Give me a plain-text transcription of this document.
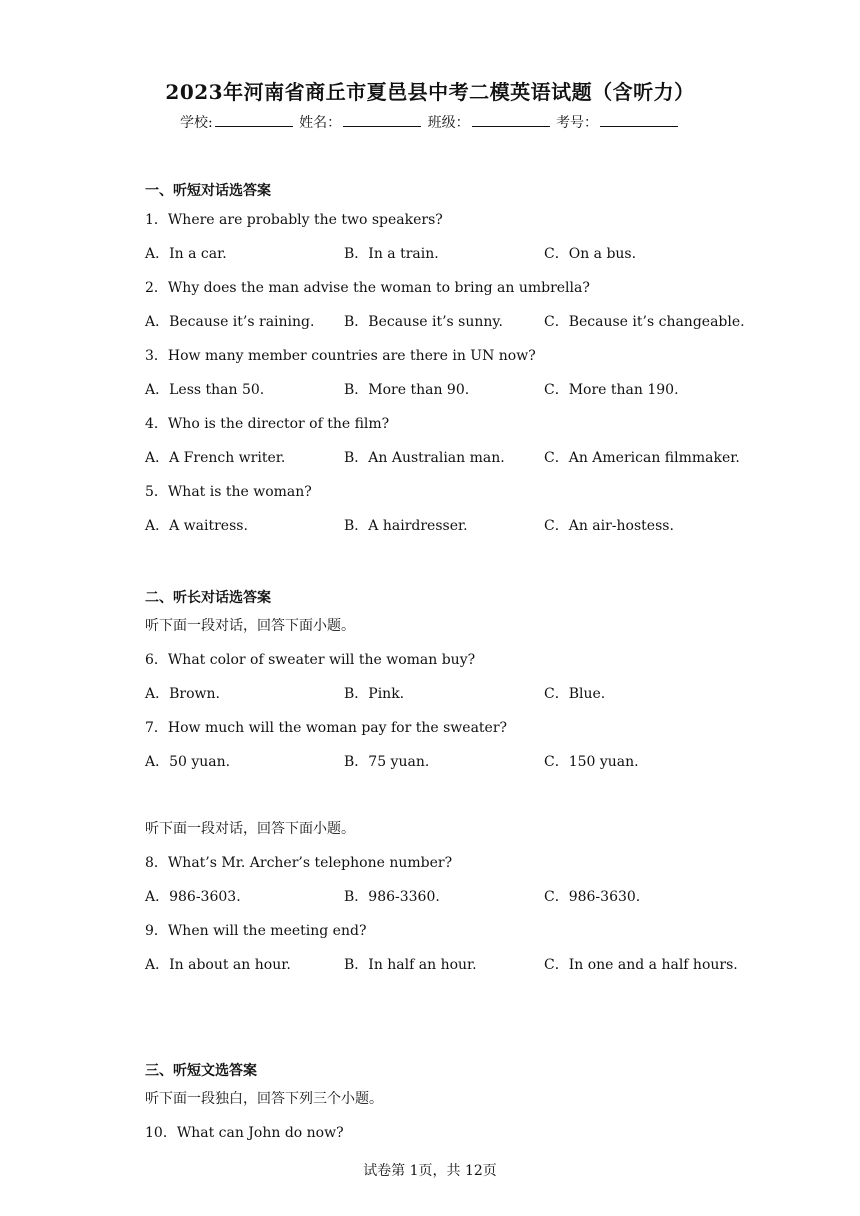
2023年河南省商丘市夏邑县中考二模英语试题（含听力）
学校:	姓名：	班级：	考号：
一、听短对话选答案
1．Where are probably the two speakers?
A．In a car.	B．In a train.	C．On a bus.
2．Why does the man advise the woman to bring an umbrella?
A．Because it’s raining. B．Because it’s sunny.	C．Because it’s changeable.
3．How many member countries are there in UN now?
A．Less than 50.	B．More than 90.	C．More than 190.
4．Who is the director of the film?
A．A French writer.	B．An Australian man.	C．An American filmmaker.
5．What is the woman?
A．A waitress.	B．A hairdresser.	C．An air-hostess.
二、听长对话选答案
听下面一段对话，回答下面小题。
6．What color of sweater will the woman buy?
A．Brown.	B．Pink.	C．Blue.
7．How much will the woman pay for the sweater?
A．50 yuan.	B．75 yuan.	C．150 yuan.
听下面一段对话，回答下面小题。
8．What’s Mr. Archer’s telephone number?
A．986-3603.	B．986-3360.	C．986-3630.
9．When will the meeting end?
A．In about an hour.	B．In half an hour.	C．In one and a half hours.
三、听短文选答案
听下面一段独白，回答下列三个小题。
10．What can John do now?
试卷第 1页，共 12页
